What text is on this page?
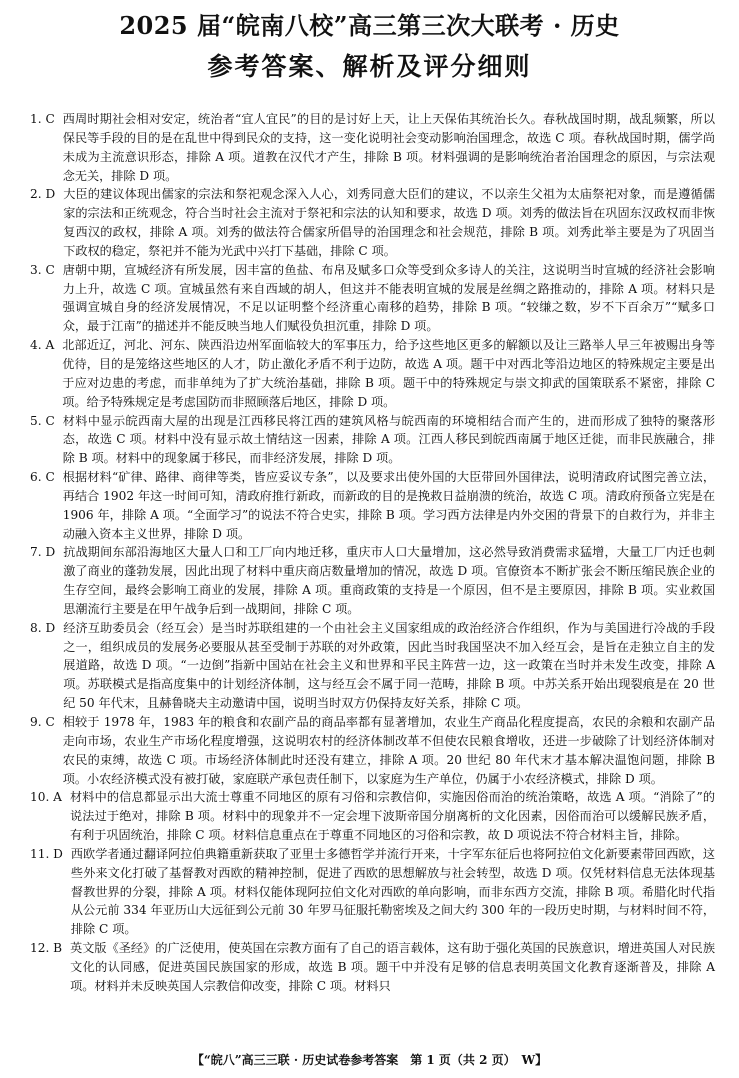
2025 届“皖南八校”高三第三次大联考 · 历史
参考答案、解析及评分细则
1. C 西周时期社会相对安定，统治者“宜人宜民”的目的是讨好上天，让上天保佑其统治长久。春秋战国时期，战乱频繁，所以保民等手段的目的是在乱世中得到民众的支持，这一变化说明社会变动影响治国理念，故选 C 项。春秋战国时期，儒学尚未成为主流意识形态，排除 A 项。道教在汉代才产生，排除 B 项。材料强调的是影响统治者治国理念的原因，与宗法观念无关，排除 D 项。
2. D 大臣的建议体现出儒家的宗法和祭祀观念深入人心，刘秀同意大臣们的建议，不以亲生父祖为太庙祭祀对象，而是遵循儒家的宗法和正统观念，符合当时社会主流对于祭祀和宗法的认知和要求，故选 D 项。刘秀的做法旨在巩固东汉政权而非恢复西汉的政权，排除 A 项。刘秀的做法符合儒家所倡导的治国理念和社会规范，排除 B 项。刘秀此举主要是为了巩固当下政权的稳定，祭祀并不能为光武中兴打下基础，排除 C 项。
3. C 唐朝中期，宣城经济有所发展，因丰富的鱼盐、布帛及赋多口众等受到众多诗人的关注，这说明当时宣城的经济社会影响力上升，故选 C 项。宣城虽然有来自西域的胡人，但这并不能表明宣城的发展是丝绸之路推动的，排除 A 项。材料只是强调宣城自身的经济发展情况，不足以证明整个经济重心南移的趋势，排除 B 项。“较缣之数，岁不下百余万”“赋多口众，最于江南”的描述并不能反映当地人们赋役负担沉重，排除 D 项。
4. A 北部近辽，河北、河东、陕西沿边州军面临较大的军事压力，给予这些地区更多的解额以及让三路举人早三年被赐出身等优待，目的是笼络这些地区的人才，防止激化矛盾不利于边防，故选 A 项。题干中对西北等沿边地区的特殊规定主要是出于应对边患的考虑，而非单纯为了扩大统治基础，排除 B 项。题干中的特殊规定与崇文抑武的国策联系不紧密，排除 C 项。给予特殊规定是考虑国防而非照顾落后地区，排除 D 项。
5. C 材料中显示皖西南大屋的出现是江西移民将江西的建筑风格与皖西南的环境相结合而产生的，进而形成了独特的聚落形态，故选 C 项。材料中没有显示故土情结这一因素，排除 A 项。江西人移民到皖西南属于地区迁徙，而非民族融合，排除 B 项。材料中的现象属于移民，而非经济发展，排除 D 项。
6. C 根据材料“矿律、路律、商律等类，皆应妥议专条”，以及要求出使外国的大臣带回外国律法，说明清政府试图完善立法，再结合 1902 年这一时间可知，清政府推行新政，而新政的目的是挽救日益崩溃的统治，故选 C 项。清政府预备立宪是在 1906 年，排除 A 项。“全面学习”的说法不符合史实，排除 B 项。学习西方法律是内外交困的背景下的自救行为，并非主动融入资本主义世界，排除 D 项。
7. D 抗战期间东部沿海地区大量人口和工厂向内地迁移，重庆市人口大量增加，这必然导致消费需求猛增，大量工厂内迁也刺激了商业的蓬勃发展，因此出现了材料中重庆商店数量增加的情况，故选 D 项。官僚资本不断扩张会不断压缩民族企业的生存空间，最终会影响工商业的发展，排除 A 项。重商政策的支持是一个原因，但不是主要原因，排除 B 项。实业救国思潮流行主要是在甲午战争后到一战期间，排除 C 项。
8. D 经济互助委员会（经互会）是当时苏联组建的一个由社会主义国家组成的政治经济合作组织，作为与美国进行冷战的手段之一，组织成员的发展务必要服从甚至受制于苏联的对外政策，因此当时我国坚决不加入经互会，是旨在走独立自主的发展道路，故选 D 项。“一边倒”指新中国站在社会主义和世界和平民主阵营一边，这一政策在当时并未发生改变，排除 A 项。苏联模式是指高度集中的计划经济体制，这与经互会不属于同一范畴，排除 B 项。中苏关系开始出现裂痕是在 20 世纪 50 年代末，且赫鲁晓夫主动邀请中国，说明当时双方仍保持友好关系，排除 C 项。
9. C 相较于 1978 年，1983 年的粮食和农副产品的商品率都有显著增加，农业生产商品化程度提高，农民的余粮和农副产品走向市场，农业生产市场化程度增强，这说明农村的经济体制改革不但使农民粮食增收，还进一步破除了计划经济体制对农民的束缚，故选 C 项。市场经济体制此时还没有建立，排除 A 项。20 世纪 80 年代末才基本解决温饱问题，排除 B 项。小农经济模式没有被打破，家庭联产承包责任制下，以家庭为生产单位，仍属于小农经济模式，排除 D 项。
10. A 材料中的信息都显示出大流士尊重不同地区的原有习俗和宗教信仰，实施因俗而治的统治策略，故选 A 项。“消除了”的说法过于绝对，排除 B 项。材料中的现象并不一定会埋下波斯帝国分崩离析的文化因素，因俗而治可以缓解民族矛盾，有利于巩固统治，排除 C 项。材料信息重点在于尊重不同地区的习俗和宗教，故 D 项说法不符合材料主旨，排除。
11. D 西欧学者通过翻译阿拉伯典籍重新获取了亚里士多德哲学并流行开来，十字军东征后也将阿拉伯文化新要素带回西欧，这些外来文化打破了基督教对西欧的精神控制，促进了西欧的思想解放与社会转型，故选 D 项。仅凭材料信息无法体现基督教世界的分裂，排除 A 项。材料仅能体现阿拉伯文化对西欧的单向影响，而非东西方交流，排除 B 项。希腊化时代指从公元前 334 年亚历山大远征到公元前 30 年罗马征服托勒密埃及之间大约 300 年的一段历史时期，与材料时间不符，排除 C 项。
12. B 英文版《圣经》的广泛使用，使英国在宗教方面有了自己的语言载体，这有助于强化英国的民族意识，增进英国人对民族文化的认同感，促进英国民族国家的形成，故选 B 项。题干中并没有足够的信息表明英国文化教育逐渐普及，排除 A 项。材料并未反映英国人宗教信仰改变，排除 C 项。材料只
【“皖八”高三三联 · 历史试卷参考答案　第 1 页（共 2 页）　W】
